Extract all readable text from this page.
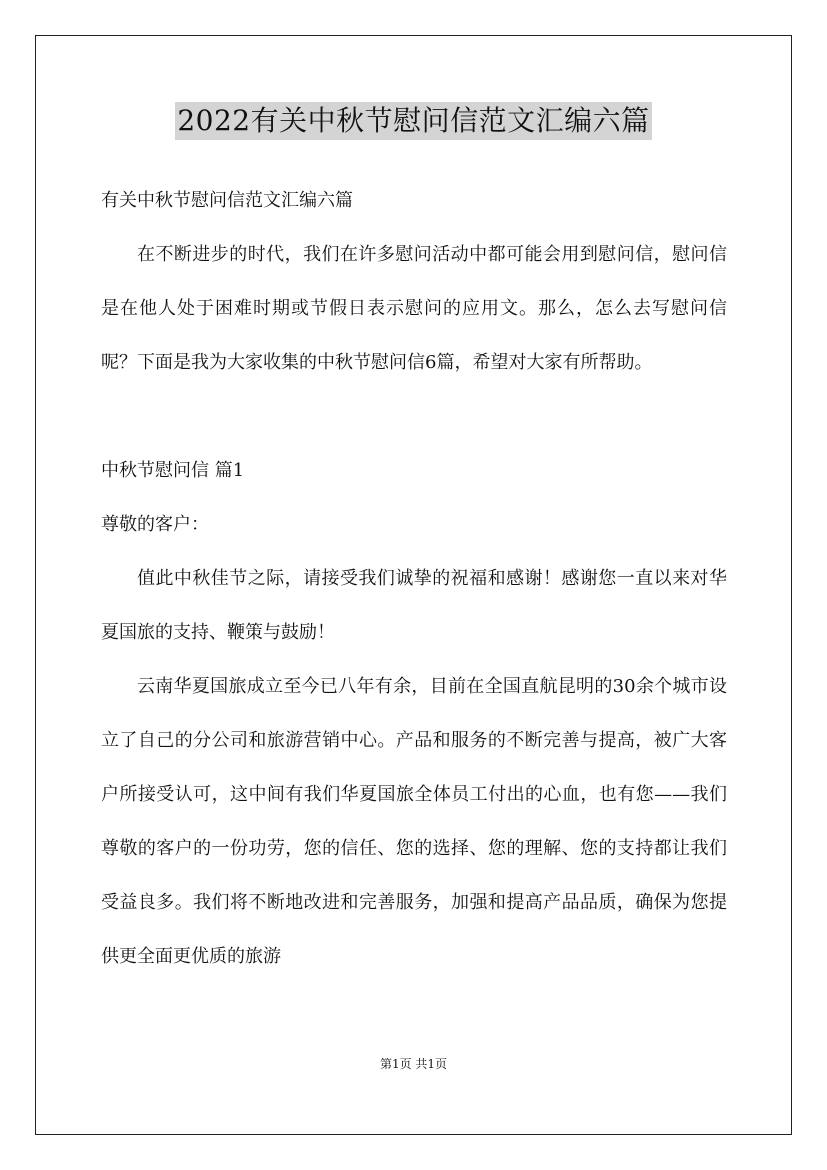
2022有关中秋节慰问信范文汇编六篇

有关中秋节慰问信范文汇编六篇

在不断进步的时代，我们在许多慰问活动中都可能会用到慰问信，慰问信是在他人处于困难时期或节假日表示慰问的应用文。那么，怎么去写慰问信呢？下面是我为大家收集的中秋节慰问信6篇，希望对大家有所帮助。

中秋节慰问信 篇1

尊敬的客户：

值此中秋佳节之际，请接受我们诚挚的祝福和感谢！感谢您一直以来对华夏国旅的支持、鞭策与鼓励！

云南华夏国旅成立至今已八年有余，目前在全国直航昆明的30余个城市设立了自己的分公司和旅游营销中心。产品和服务的不断完善与提高，被广大客户所接受认可，这中间有我们华夏国旅全体员工付出的心血，也有您——我们尊敬的客户的一份功劳，您的信任、您的选择、您的理解、您的支持都让我们受益良多。我们将不断地改进和完善服务，加强和提高产品品质，确保为您提供更全面更优质的旅游

第1页 共1页
